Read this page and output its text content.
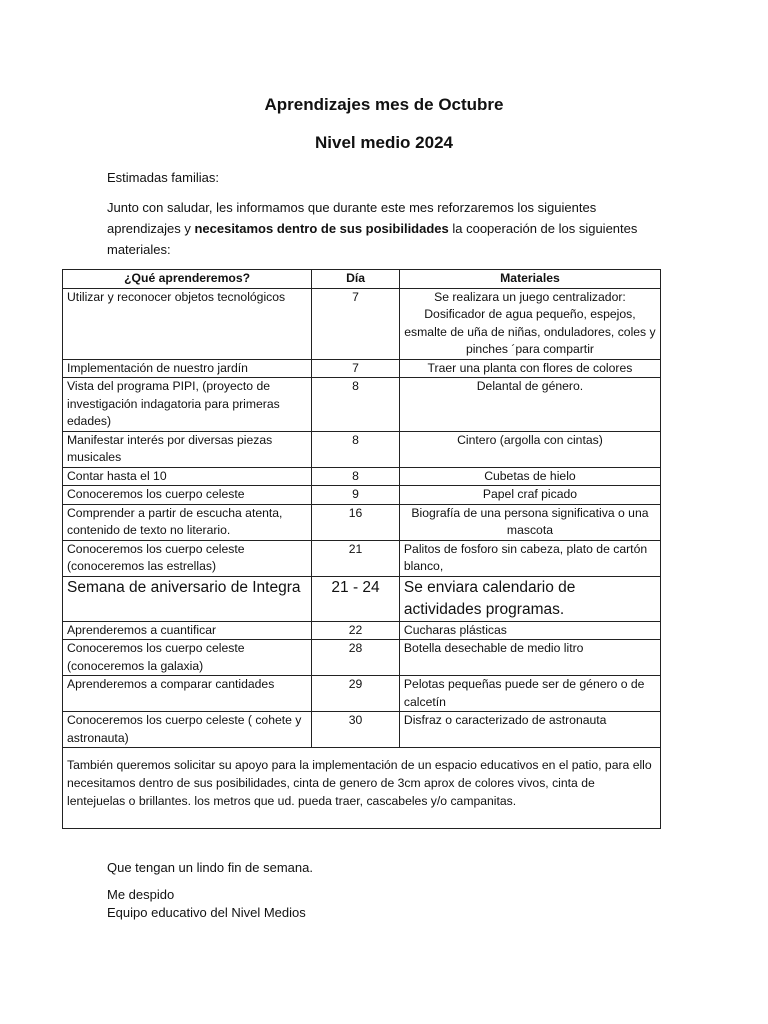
Aprendizajes mes de Octubre
Nivel medio 2024
Estimadas familias:
Junto con saludar, les informamos que durante este mes reforzaremos los siguientes aprendizajes y necesitamos dentro de sus posibilidades la cooperación de los siguientes materiales:
¿Qué aprenderemos?	Día	Materiales
Utilizar y reconocer objetos tecnológicos	7	Se realizara un juego centralizador: Dosificador de agua pequeño, espejos, esmalte de uña de niñas, onduladores, coles y pinches ´para compartir
Implementación de nuestro jardín	7	Traer una planta con flores de colores
Vista del programa PIPI, (proyecto de investigación indagatoria para primeras edades)	8	Delantal de género.
Manifestar interés por diversas piezas musicales	8	Cintero (argolla con cintas)
Contar hasta el 10	8	Cubetas de hielo
Conoceremos los cuerpo celeste	9	Papel craf picado
Comprender a partir de escucha atenta, contenido de texto no literario.	16	Biografía de una persona significativa o una mascota
Conoceremos los cuerpo celeste (conoceremos las estrellas)	21	Palitos de fosforo sin cabeza, plato de cartón blanco,
Semana de aniversario de Integra	21 - 24	Se enviara calendario de actividades programas.
Aprenderemos a cuantificar	22	Cucharas plásticas
Conoceremos los cuerpo celeste (conoceremos la galaxia)	28	Botella desechable de medio litro
Aprenderemos a comparar cantidades	29	Pelotas pequeñas puede ser de género o de calcetín
Conoceremos los cuerpo celeste ( cohete y astronauta)	30	Disfraz o caracterizado de astronauta
También queremos solicitar su apoyo para la implementación de un espacio educativos en el patio, para ello necesitamos dentro de sus posibilidades, cinta de genero de 3cm aprox de colores vivos, cinta de lentejuelas o brillantes. los metros que ud. pueda traer, cascabeles y/o campanitas.		
Que tengan un lindo fin de semana.
Me despido
Equipo educativo del Nivel Medios
